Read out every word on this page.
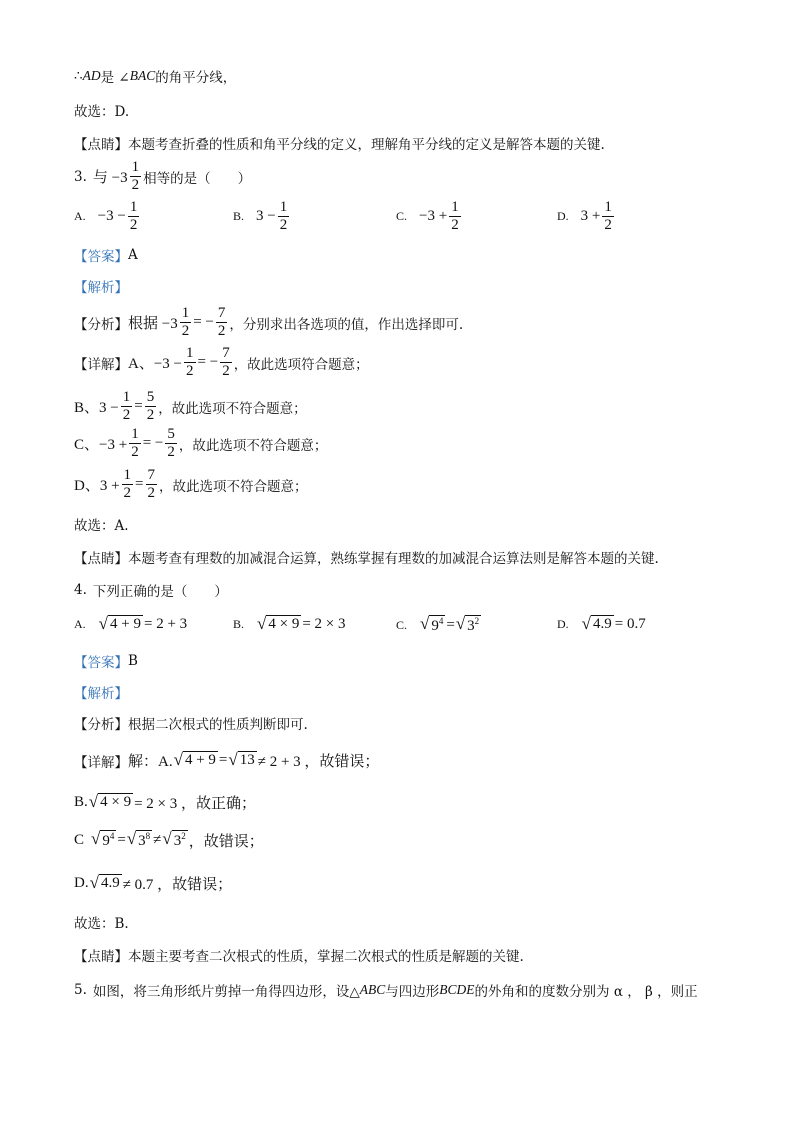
∴ AD 是 ∠ BAC 的角平分线，
故选：D.
【点睛】 本题考查折叠的性质和角平分线的定义，理解角平分线的定义是解答本题的关键.
3. 与 $-3 \frac{1}{2}$ 相等的是（　　）
A. $-3 - \frac{1}{2}$	B. $3 - \frac{1}{2}$	C. $-3 + \frac{1}{2}$	D. $3 + \frac{1}{2}$
【答案】 A
【解析】
【分析】 根据 $-3 \frac{1}{2}$ = − $\frac{7}{2}$ ，分别求出各选项的值，作出选择即可.
【详解】 A、$-3 - \frac{1}{2}$ = − $\frac{7}{2}$ ，故此选项符合题意；
B、$3 - \frac{1}{2} = \frac{5}{2}$ ，故此选项不符合题意；
C、$-3 + \frac{1}{2}$ = − $\frac{5}{2}$ ，故此选项不符合题意；
D、$3 + \frac{1}{2} = \frac{7}{2}$ ，故此选项不符合题意；
故选：A.
【点睛】 本题考查有理数的加减混合运算，熟练掌握有理数的加减混合运算法则是解答本题的关键.
4. 下列正确的是（　　）
A. √ 4 + 9 = 2 + 3	B. √ 4 × 9 = 2 × 3	C. √ $9^4$ = √ $3^2$	D. √ 4.9 = 0.7
【答案】 B
【解析】
【分析】 根据二次根式的性质判断即可.
【详解】 解：A. √ 4 + 9 = √ 13 ≠ 2 + 3 ，故错误；
B. √ 4 × 9 = 2 × 3 ，故正确；
C √ $9^4$ = √ $3^8$ ≠ √ $3^2$ ，故错误；
D. √ 4.9 ≠ 0.7 ，故错误；
故选：B.
【点睛】 本题主要考查二次根式的性质，掌握二次根式的性质是解题的关键.
5. 如图，将三角形纸片剪掉一角得四边形，设△ ABC 与四边形 BCDE 的外角和的度数分别为 α ， β ，则正
